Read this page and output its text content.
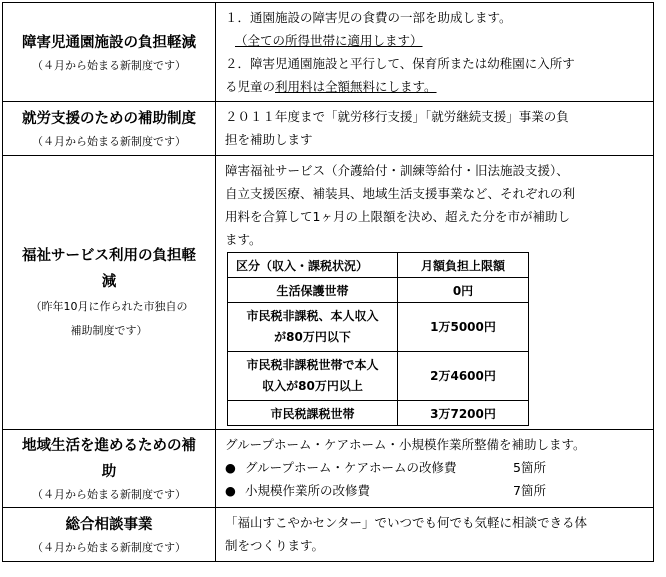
障害児通園施設の負担軽減
（４月から始まる新制度です）

１．通園施設の障害児の食費の一部を助成します。
（全ての所得世帯に適用します）
２．障害児通園施設と平行して、保育所または幼稚園に入所す
る児童の利用料は全額無料にします。

就労支援のための補助制度
（４月から始まる新制度です）

２０１１年度まで「就労移行支援」「就労継続支援」事業の負
担を補助します

福祉サービス利用の負担軽
減
（昨年10月に作られた市独自の
補助制度です）

障害福祉サービス（介護給付・訓練等給付・旧法施設支援）、
自立支援医療、補装具、地域生活支援事業など、それぞれの利
用料を合算して1ヶ月の上限額を決め、超えた分を市が補助し
ます。
区分（収入・課税状況）	月額負担上限額
生活保護世帯	0円

市民税非課税、本人収入
が80万円以下
	1万5000円

市民税非課税世帯で本人
収入が80万円以上
	2万4600円
市民税課税世帯	3万7200円

地域生活を進めるための補
助
（４月から始まる新制度です）

グループホーム・ケアホーム・小規模作業所整備を補助します。
● グループホーム・ケアホームの改修費	5箇所
● 小規模作業所の改修費	7箇所

総合相談事業
（４月から始まる新制度です）

「福山すこやかセンター」でいつでも何でも気軽に相談できる体
制をつくります。
